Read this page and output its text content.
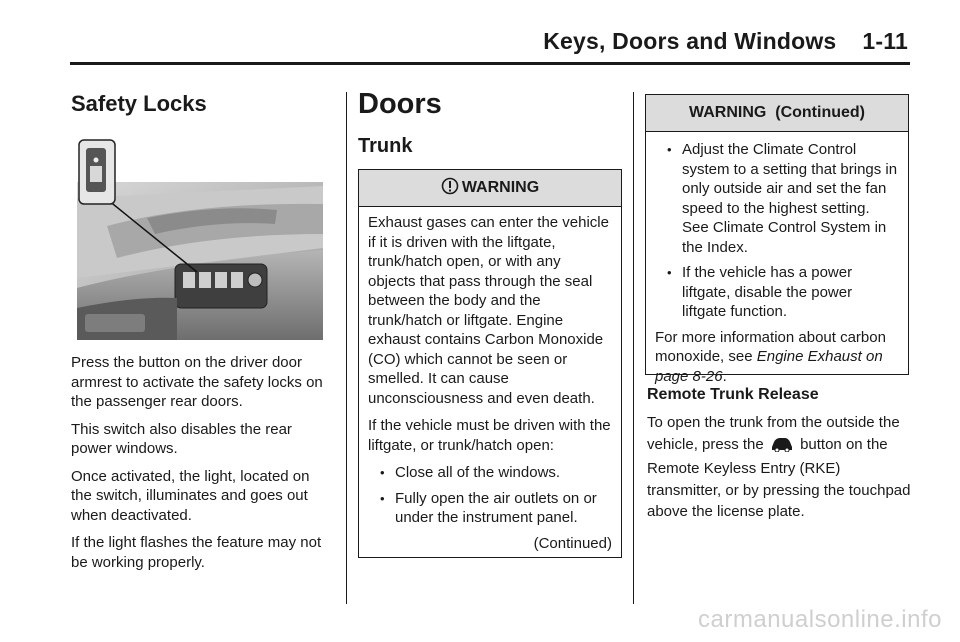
Keys, Doors and Windows 1-11
Safety Locks

Press the button on the driver door armrest to activate the safety locks on the passenger rear doors.

This switch also disables the rear power windows.

Once activated, the light, located on the switch, illuminates and goes out when deactivated.

If the light flashes the feature may not be working properly.

Doors
Trunk
WARNING

Exhaust gases can enter the vehicle if it is driven with the liftgate, trunk/hatch open, or with any objects that pass through the seal between the body and the trunk/hatch or liftgate. Engine exhaust contains Carbon Monoxide (CO) which cannot be seen or smelled. It can cause unconsciousness and even death.

If the vehicle must be driven with the liftgate, or trunk/hatch open:

• Close all of the windows.
• Fully open the air outlets on or under the instrument panel.
(Continued)
WARNING  (Continued)
• Adjust the Climate Control system to a setting that brings in only outside air and set the fan speed to the highest setting. See Climate Control System in the Index.
• If the vehicle has a power liftgate, disable the power liftgate function.

For more information about carbon monoxide, see Engine Exhaust on page 8-26.

Remote Trunk Release

To open the trunk from the outside the vehicle, press the  button on the Remote Keyless Entry (RKE) transmitter, or by pressing the touchpad above the license plate.

carmanualsonline.info
